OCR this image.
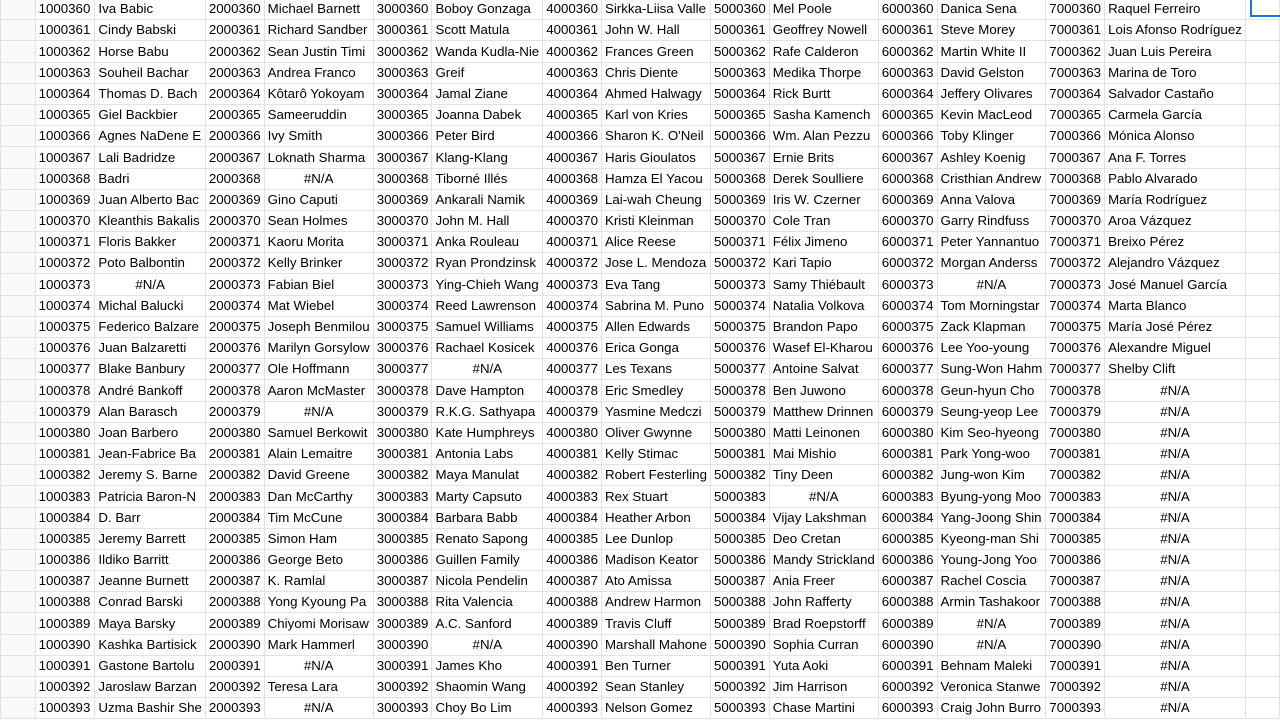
	1000360	Iva Babic	2000360	Michael Barnett	3000360	Boboy Gonzaga	4000360	Sirkka-Liisa Valle	5000360	Mel Poole	6000360	Danica Sena	7000360	Raquel Ferreiro	
	1000361	Cindy Babski	2000361	Richard Sandber	3000361	Scott Matula	4000361	John W. Hall	5000361	Geoffrey Nowell	6000361	Steve Morey	7000361	Lois Afonso Rodríguez	
	1000362	Horse Babu	2000362	Sean Justin Timi	3000362	Wanda Kudla-Nie	4000362	Frances Green	5000362	Rafe Calderon	6000362	Martin White II	7000362	Juan Luis Pereira	
	1000363	Souheil Bachar	2000363	Andrea Franco	3000363	Greif	4000363	Chris Diente	5000363	Medika Thorpe	6000363	David Gelston	7000363	Marina de Toro	
	1000364	Thomas D. Bach	2000364	Kôtarô Yokoyam	3000364	Jamal Ziane	4000364	Ahmed Halwagy	5000364	Rick Burtt	6000364	Jeffery Olivares	7000364	Salvador Castaño	
	1000365	Giel Backbier	2000365	Sameeruddin	3000365	Joanna Dabek	4000365	Karl von Kries	5000365	Sasha Kamench	6000365	Kevin MacLeod	7000365	Carmela García	
	1000366	Agnes NaDene E	2000366	Ivy Smith	3000366	Peter Bird	4000366	Sharon K. O'Neil	5000366	Wm. Alan Pezzu	6000366	Toby Klinger	7000366	Mónica Alonso	
	1000367	Lali Badridze	2000367	Loknath Sharma	3000367	Klang-Klang	4000367	Haris Gioulatos	5000367	Ernie Brits	6000367	Ashley Koenig	7000367	Ana F. Torres	
	1000368	Badri	2000368	#N/A	3000368	Tiborné Illés	4000368	Hamza El Yacou	5000368	Derek Soulliere	6000368	Cristhian Andrew	7000368	Pablo Alvarado	
	1000369	Juan Alberto Bac	2000369	Gino Caputi	3000369	Ankarali Namik	4000369	Lai-wah Cheung	5000369	Iris W. Czerner	6000369	Anna Valova	7000369	María Rodríguez	
	1000370	Kleanthis Bakalis	2000370	Sean Holmes	3000370	John M. Hall	4000370	Kristi Kleinman	5000370	Cole Tran	6000370	Garry Rindfuss	7000370	Aroa Vázquez	
	1000371	Floris Bakker	2000371	Kaoru Morita	3000371	Anka Rouleau	4000371	Alice Reese	5000371	Félix Jimeno	6000371	Peter Yannantuo	7000371	Breixo Pérez	
	1000372	Poto Balbontin	2000372	Kelly Brinker	3000372	Ryan Prondzinsk	4000372	Jose L. Mendoza	5000372	Kari Tapio	6000372	Morgan Anderss	7000372	Alejandro Vázquez	
	1000373	#N/A	2000373	Fabian Biel	3000373	Ying-Chieh Wang	4000373	Eva Tang	5000373	Samy Thiébault	6000373	#N/A	7000373	José Manuel García	
	1000374	Michal Balucki	2000374	Mat Wiebel	3000374	Reed Lawrenson	4000374	Sabrina M. Puno	5000374	Natalia Volkova	6000374	Tom Morningstar	7000374	Marta Blanco	
	1000375	Federico Balzare	2000375	Joseph Benmilou	3000375	Samuel Williams	4000375	Allen Edwards	5000375	Brandon Papo	6000375	Zack Klapman	7000375	María José Pérez	
	1000376	Juan Balzaretti	2000376	Marilyn Gorsylow	3000376	Rachael Kosicek	4000376	Erica Gonga	5000376	Wasef El-Kharou	6000376	Lee Yoo-young	7000376	Alexandre Miguel	
	1000377	Blake Banbury	2000377	Ole Hoffmann	3000377	#N/A	4000377	Les Texans	5000377	Antoine Salvat	6000377	Sung-Won Hahm	7000377	Shelby Clift	
	1000378	André Bankoff	2000378	Aaron McMaster	3000378	Dave Hampton	4000378	Eric Smedley	5000378	Ben Juwono	6000378	Geun-hyun Cho	7000378	#N/A	
	1000379	Alan Barasch	2000379	#N/A	3000379	R.K.G. Sathyapa	4000379	Yasmine Medczi	5000379	Matthew Drinnen	6000379	Seung-yeop Lee	7000379	#N/A	
	1000380	Joan Barbero	2000380	Samuel Berkowit	3000380	Kate Humphreys	4000380	Oliver Gwynne	5000380	Matti Leinonen	6000380	Kim Seo-hyeong	7000380	#N/A	
	1000381	Jean-Fabrice Ba	2000381	Alain Lemaitre	3000381	Antonia Labs	4000381	Kelly Stimac	5000381	Mai Mishio	6000381	Park Yong-woo	7000381	#N/A	
	1000382	Jeremy S. Barne	2000382	David Greene	3000382	Maya Manulat	4000382	Robert Festerling	5000382	Tiny Deen	6000382	Jung-won Kim	7000382	#N/A	
	1000383	Patricia Baron-N	2000383	Dan McCarthy	3000383	Marty Capsuto	4000383	Rex Stuart	5000383	#N/A	6000383	Byung-yong Moo	7000383	#N/A	
	1000384	D. Barr	2000384	Tim McCune	3000384	Barbara Babb	4000384	Heather Arbon	5000384	Vijay Lakshman	6000384	Yang-Joong Shin	7000384	#N/A	
	1000385	Jeremy Barrett	2000385	Simon Ham	3000385	Renato Sapong	4000385	Lee Dunlop	5000385	Deo Cretan	6000385	Kyeong-man Shi	7000385	#N/A	
	1000386	Ildiko Barritt	2000386	George Beto	3000386	Guillen Family	4000386	Madison Keator	5000386	Mandy Strickland	6000386	Young-Jong Yoo	7000386	#N/A	
	1000387	Jeanne Burnett	2000387	K. Ramlal	3000387	Nicola Pendelin	4000387	Ato Amissa	5000387	Ania Freer	6000387	Rachel Coscia	7000387	#N/A	
	1000388	Conrad Barski	2000388	Yong Kyoung Pa	3000388	Rita Valencia	4000388	Andrew Harmon	5000388	John Rafferty	6000388	Armin Tashakoor	7000388	#N/A	
	1000389	Maya Barsky	2000389	Chiyomi Morisaw	3000389	A.C. Sanford	4000389	Travis Cluff	5000389	Brad Roepstorff	6000389	#N/A	7000389	#N/A	
	1000390	Kashka Bartisick	2000390	Mark Hammerl	3000390	#N/A	4000390	Marshall Mahone	5000390	Sophia Curran	6000390	#N/A	7000390	#N/A	
	1000391	Gastone Bartolu	2000391	#N/A	3000391	James Kho	4000391	Ben Turner	5000391	Yuta Aoki	6000391	Behnam Maleki	7000391	#N/A	
	1000392	Jaroslaw Barzan	2000392	Teresa Lara	3000392	Shaomin Wang	4000392	Sean Stanley	5000392	Jim Harrison	6000392	Veronica Stanwe	7000392	#N/A	
	1000393	Uzma Bashir She	2000393	#N/A	3000393	Choy Bo Lim	4000393	Nelson Gomez	5000393	Chase Martini	6000393	Craig John Burro	7000393	#N/A	
